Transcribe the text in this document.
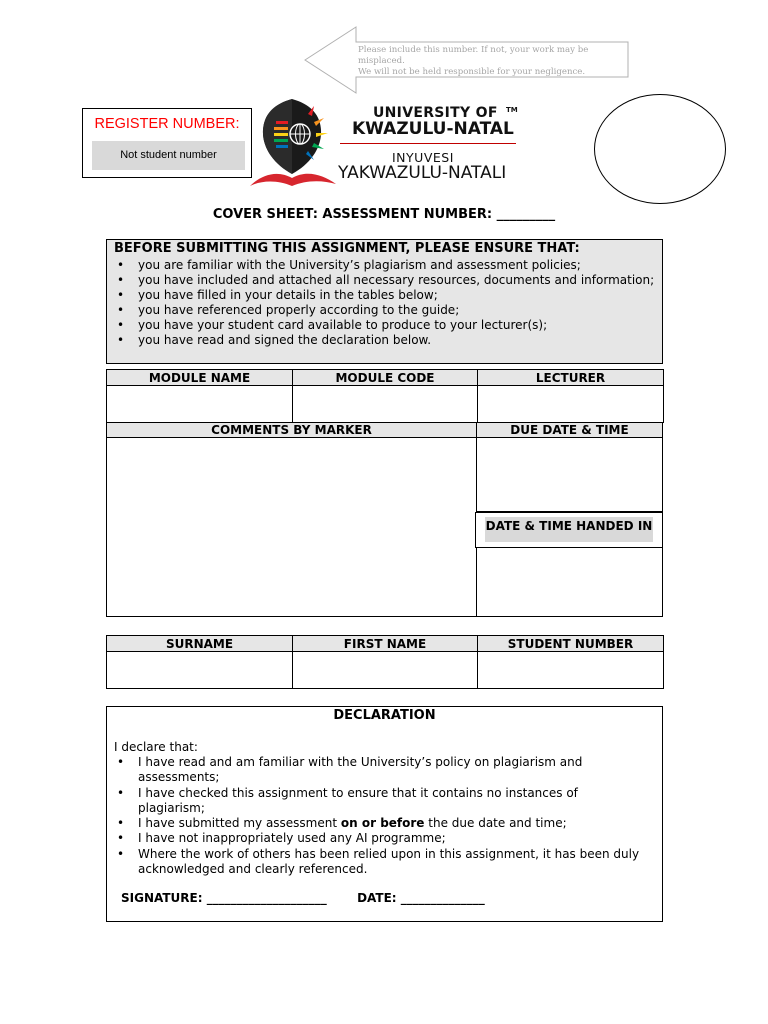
Please include this number. If not, your work may be misplaced.
We will not be held responsible for your negligence.
REGISTER NUMBER:
Not student number
UNIVERSITY OF TM
KWAZULU-NATAL
INYUVESI
YAKWAZULU-NATALI
COVER SHEET: ASSESSMENT NUMBER: _________
BEFORE SUBMITTING THIS ASSIGNMENT, PLEASE ENSURE THAT:
• you are familiar with the University’s plagiarism and assessment policies;
• you have included and attached all necessary resources, documents and information;
• you have filled in your details in the tables below;
• you have referenced properly according to the guide;
• you have your student card available to produce to your lecturer(s);
• you have read and signed the declaration below.
MODULE NAME	MODULE CODE	LECTURER

COMMENTS BY MARKER	DUE DATE & TIME
DATE & TIME HANDED IN
SURNAME	FIRST NAME	STUDENT NUMBER

DECLARATION
I declare that:
• I have read and am familiar with the University’s policy on plagiarism and assessments;
• I have checked this assignment to ensure that it contains no instances of plagiarism;
• I have submitted my assessment on or before the due date and time;
• I have not inappropriately used any AI programme;
• Where the work of others has been relied upon in this assignment, it has been duly acknowledged and clearly referenced.
SIGNATURE: ____________________	DATE: ______________
